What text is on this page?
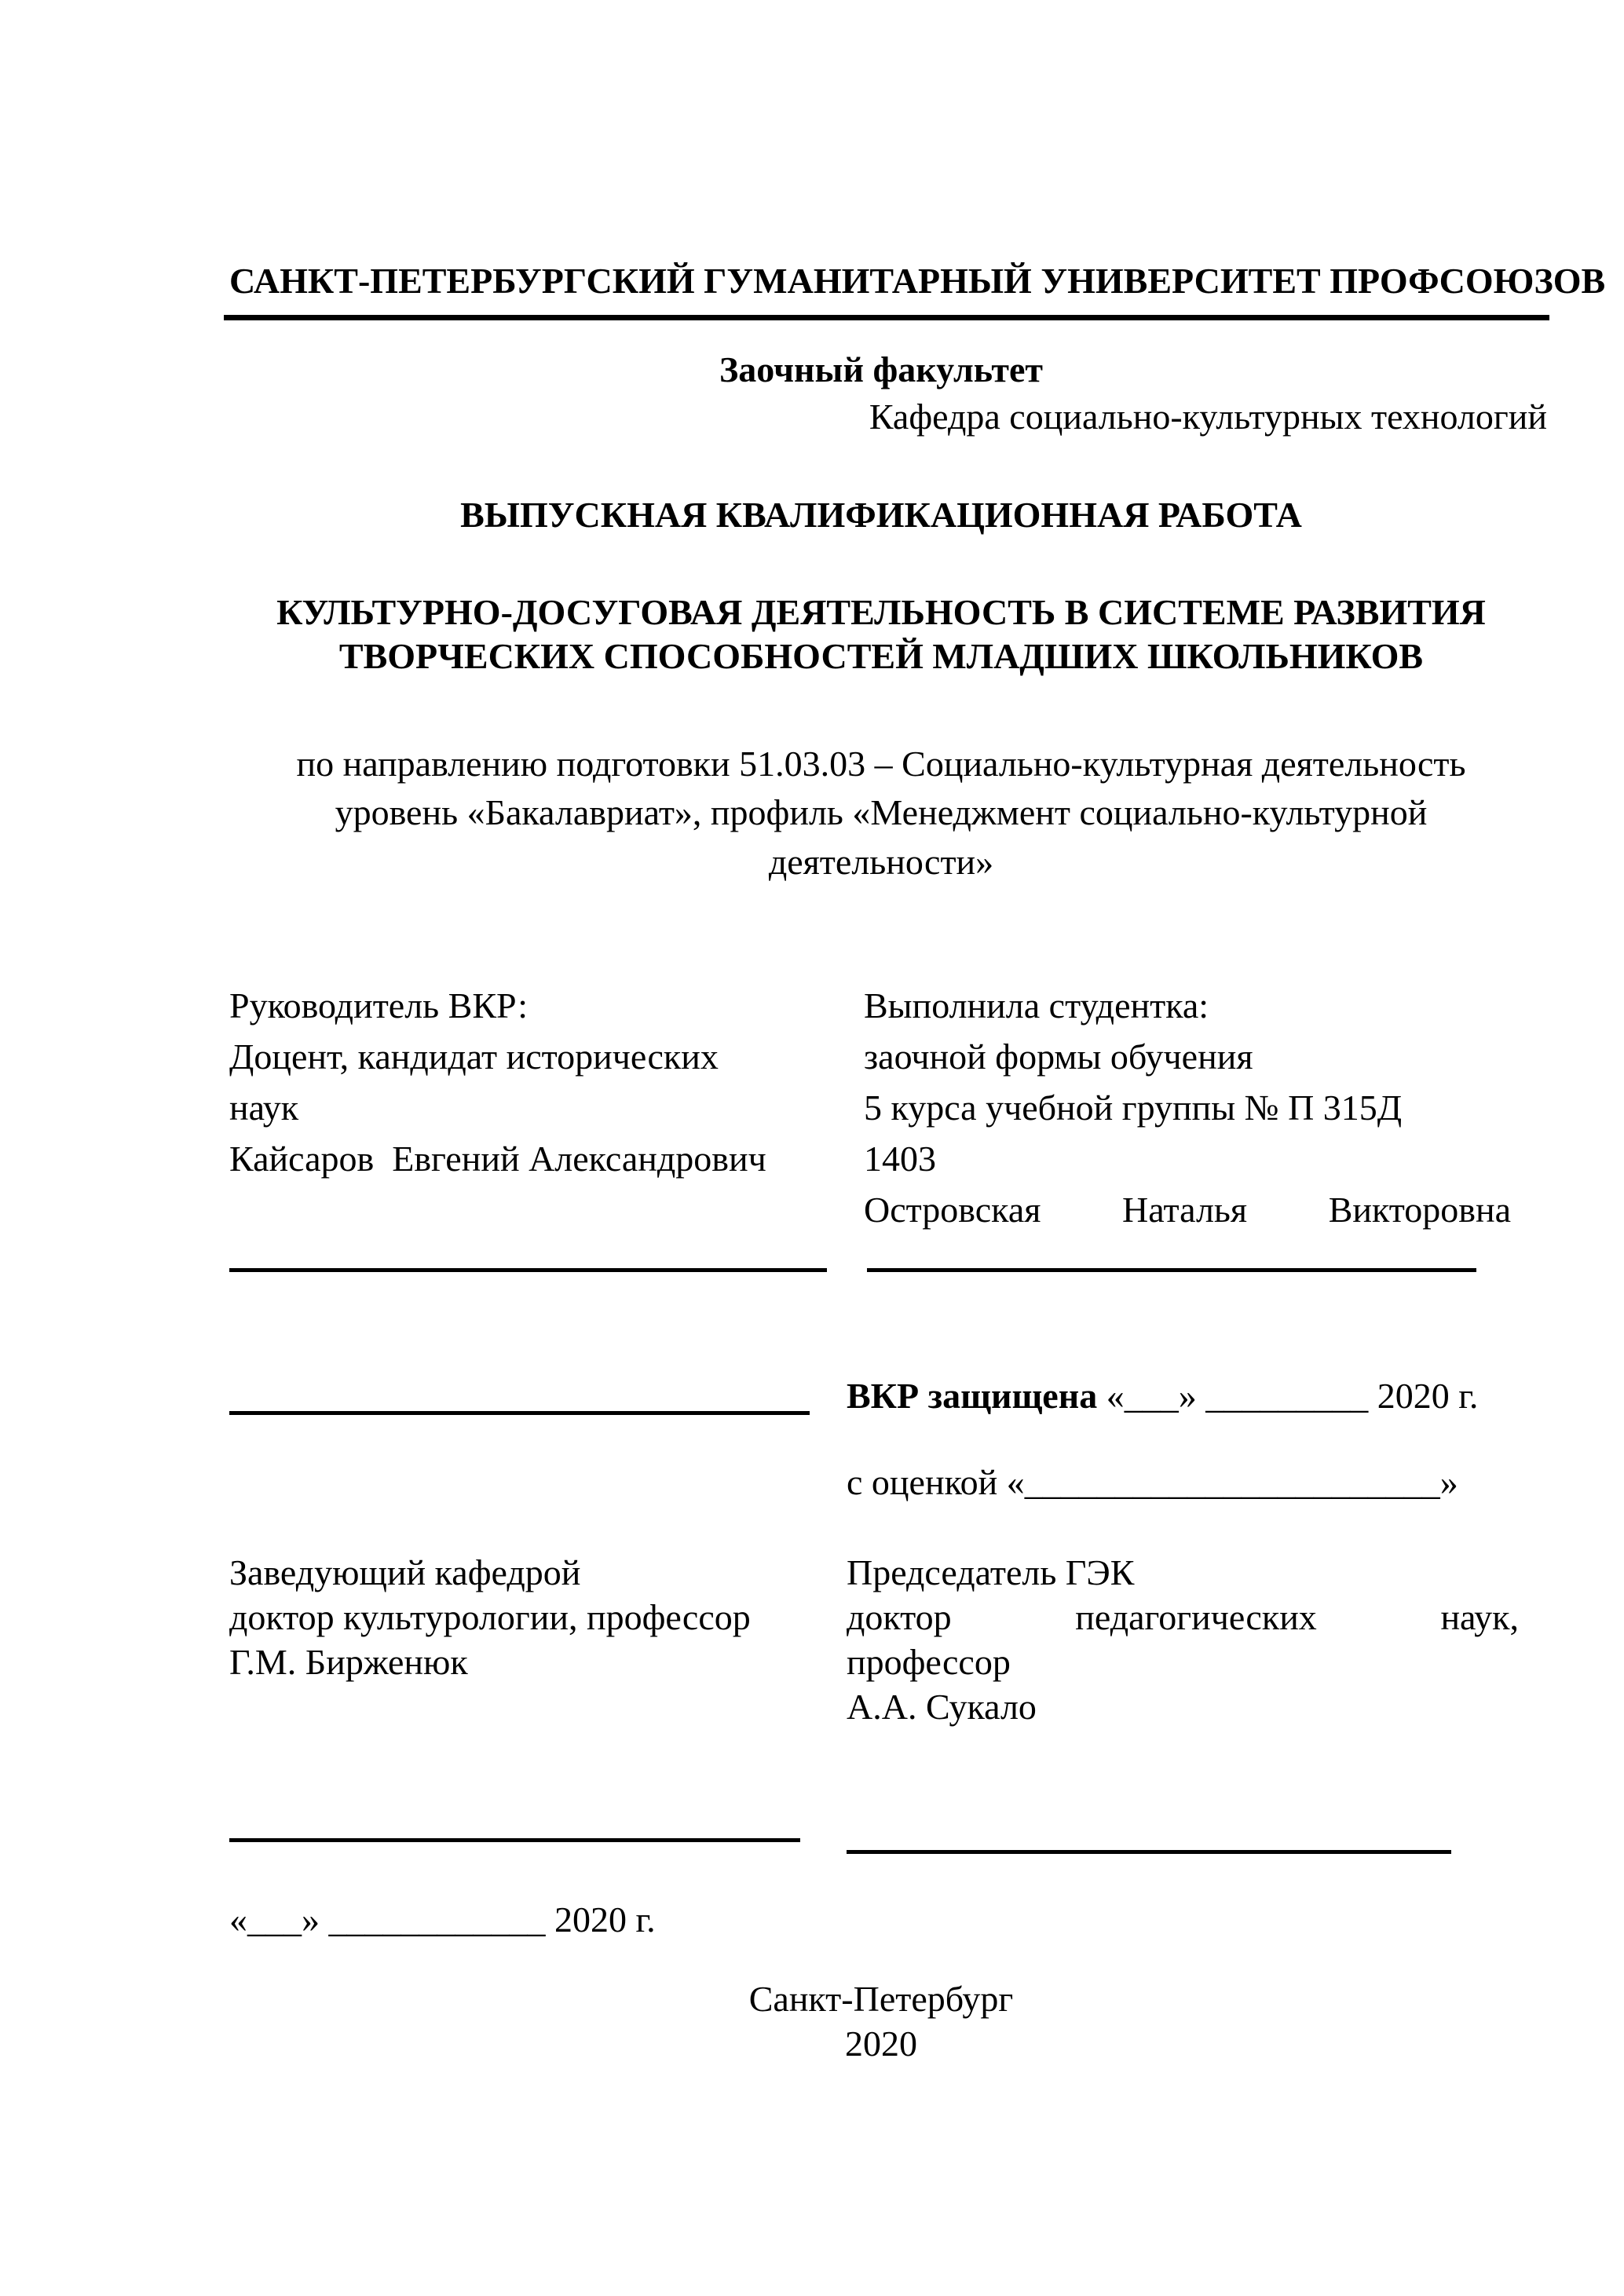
САНКТ-ПЕТЕРБУРГСКИЙ ГУМАНИТАРНЫЙ УНИВЕРСИТЕТ ПРОФСОЮЗОВ
Заочный факультет
Кафедра социально-культурных технологий
ВЫПУСКНАЯ КВАЛИФИКАЦИОННАЯ РАБОТА
КУЛЬТУРНО-ДОСУГОВАЯ ДЕЯТЕЛЬНОСТЬ В СИСТЕМЕ РАЗВИТИЯ
ТВОРЧЕСКИХ СПОСОБНОСТЕЙ МЛАДШИХ ШКОЛЬНИКОВ
по направлению подготовки 51.03.03 – Социально-культурная деятельность
уровень «Бакалавриат», профиль «Менеджмент социально-культурной
деятельности»
Руководитель ВКР:
Доцент, кандидат исторических
наук
Кайсаров  Евгений Александрович
Выполнила студентка:
заочной формы обучения
5 курса учебной группы № П 315Д
1403
Островская Наталья Викторовна
ВКР защищена «___» _________ 2020 г.
с оценкой «_______________________»
Заведующий кафедрой
доктор культурологии, профессор
Г.М. Бирженюк
Председатель ГЭК
доктор педагогических наук,
профессор
А.А. Сукало
«___» ____________ 2020 г.
Санкт-Петербург
2020
